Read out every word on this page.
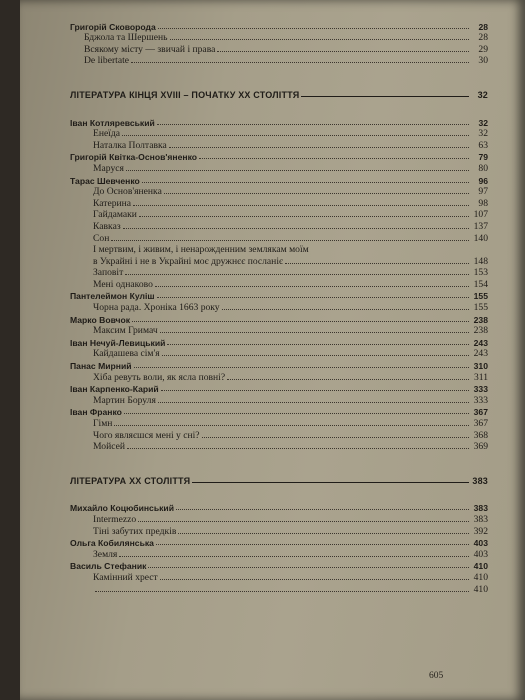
Григорій Сковорода	28
Бджола та Шершень	28
Всякому місту — звичай і права	29
De libertate	30
ЛІТЕРАТУРА КІНЦЯ XVIII – ПОЧАТКУ XX СТОЛІТТЯ	32
Іван Котляревський	32
Енеїда	32
Наталка Полтавка	63
Григорій Квітка-Основ'яненко	79
Маруся	80
Тарас Шевченко	96
До Основ'яненка	97
Катерина	98
Гайдамаки	107
Кавказ	137
Сон	140
І мертвим, і живим, і ненарожденним землякам моїм
в Украйні і не в Украйні моє дружнєє посланіє	148
Заповіт	153
Мені однаково	154
Пантелеймон Куліш	155
Чорна рада. Хроніка 1663 року	155
Марко Вовчок	238
Максим Гримач	238
Іван Нечуй-Левицький	243
Кайдашева сім'я	243
Панас Мирний	310
Хіба ревуть воли, як ясла повні?	311
Іван Карпенко-Карий	333
Мартин Боруля	333
Іван Франко	367
Гімн	367
Чого являєшся мені у сні?	368
Мойсей	369
ЛІТЕРАТУРА XX СТОЛІТТЯ	383
Михайло Коцюбинський	383
Intermezzo	383
Тіні забутих предків	392
Ольга Кобилянська	403
Земля	403
Василь Стефаник	410
Камінний хрест	410
410
605
